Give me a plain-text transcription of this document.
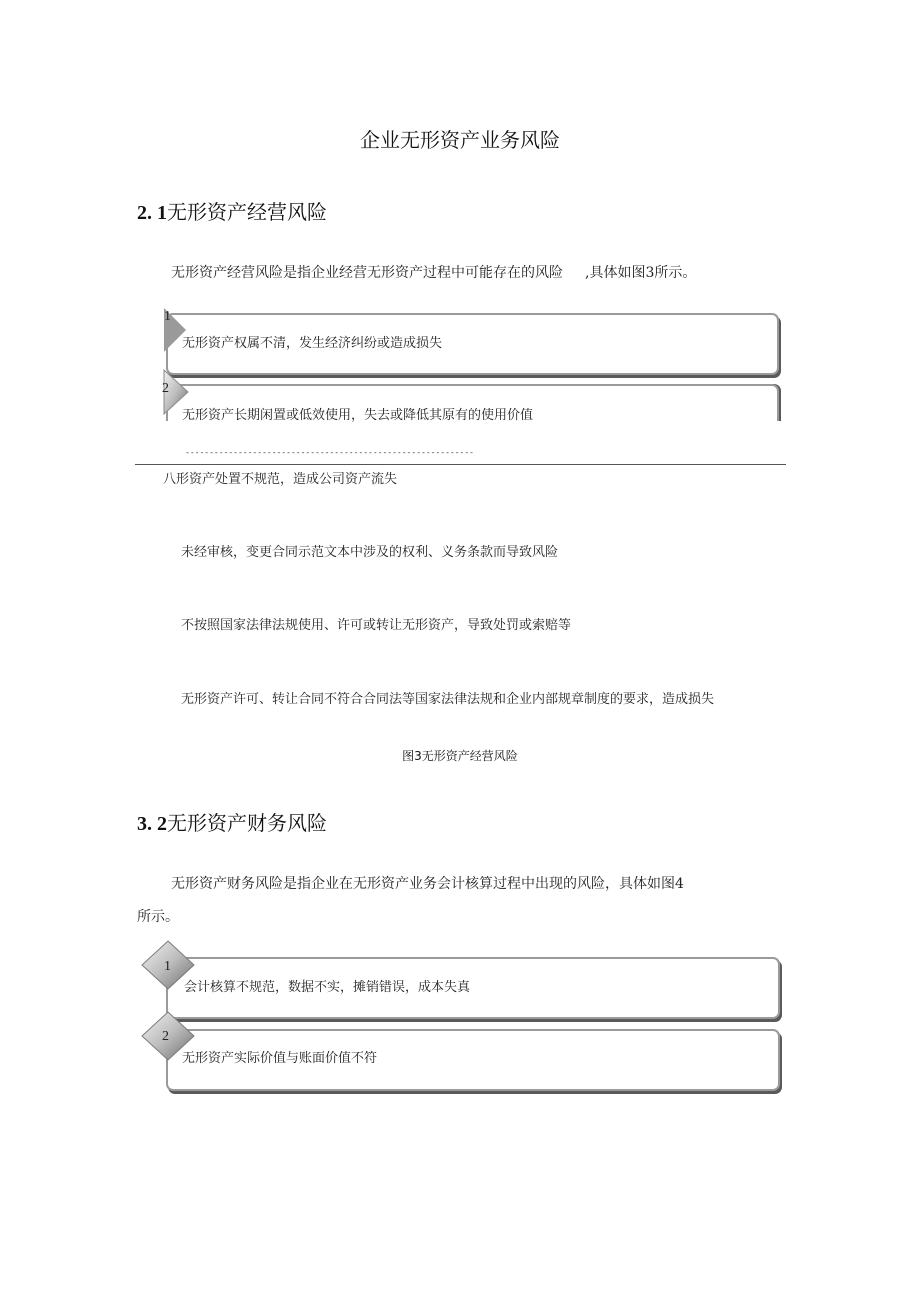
企业无形资产业务风险
2. 1无形资产经营风险
无形资产经营风险是指企业经营无形资产过程中可能存在的风险 ,具体如图3所示。
无形资产权属不清，发生经济纠纷或造成损失
1
无形资产长期闲置或低效使用，失去或降低其原有的使用价值
2
------------------------------------------------------------
八形资产处置不规范，造成公司资产流失
未经审核，变更合同示范文本中涉及的权利、义务条款而导致风险
不按照国家法律法规使用、许可或转让无形资产，导致处罚或索赔等
无形资产许可、转让合同不符合合同法等国家法律法规和企业内部规章制度的要求，造成损失
图3无形资产经营风险
3. 2无形资产财务风险
无形资产财务风险是指企业在无形资产业务会计核算过程中出现的风险，具体如图4
所示。
会计核算不规范，数据不实，摊销错误，成本失真
1
无形资产实际价值与账面价值不符
2
